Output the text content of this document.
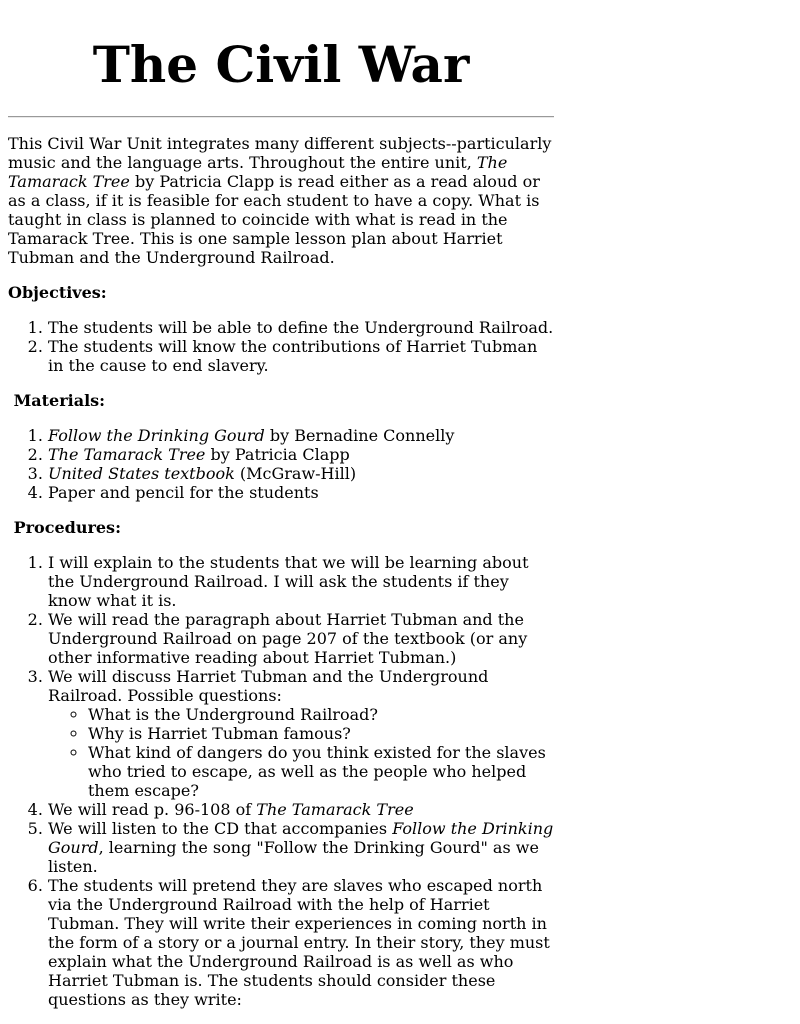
The Civil War

This Civil War Unit integrates many different subjects--particularly music and the language arts. Throughout the entire unit, The Tamarack Tree by Patricia Clapp is read either as a read aloud or as a class, if it is feasible for each student to have a copy. What is taught in class is planned to coincide with what is read in the Tamarack Tree. This is one sample lesson plan about Harriet Tubman and the Underground Railroad.

Objectives:

1. The students will be able to define the Underground Railroad.
2. The students will know the contributions of Harriet Tubman in the cause to end slavery.

Materials:

1. Follow the Drinking Gourd by Bernadine Connelly
2. The Tamarack Tree by Patricia Clapp
3. United States textbook (McGraw-Hill)
4. Paper and pencil for the students

Procedures:

1. I will explain to the students that we will be learning about the Underground Railroad. I will ask the students if they know what it is.
2. We will read the paragraph about Harriet Tubman and the Underground Railroad on page 207 of the textbook (or any other informative reading about Harriet Tubman.)
3. We will discuss Harriet Tubman and the Underground Railroad. Possible questions:
◦ What is the Underground Railroad?
◦ Why is Harriet Tubman famous?
◦ What kind of dangers do you think existed for the slaves who tried to escape, as well as the people who helped them escape?
4. We will read p. 96-108 of The Tamarack Tree
5. We will listen to the CD that accompanies Follow the Drinking Gourd, learning the song "Follow the Drinking Gourd" as we listen.
6. The students will pretend they are slaves who escaped north via the Underground Railroad with the help of Harriet Tubman. They will write their experiences in coming north in the form of a story or a journal entry. In their story, they must explain what the Underground Railroad is as well as who Harriet Tubman is. The students should consider these questions as they write:
